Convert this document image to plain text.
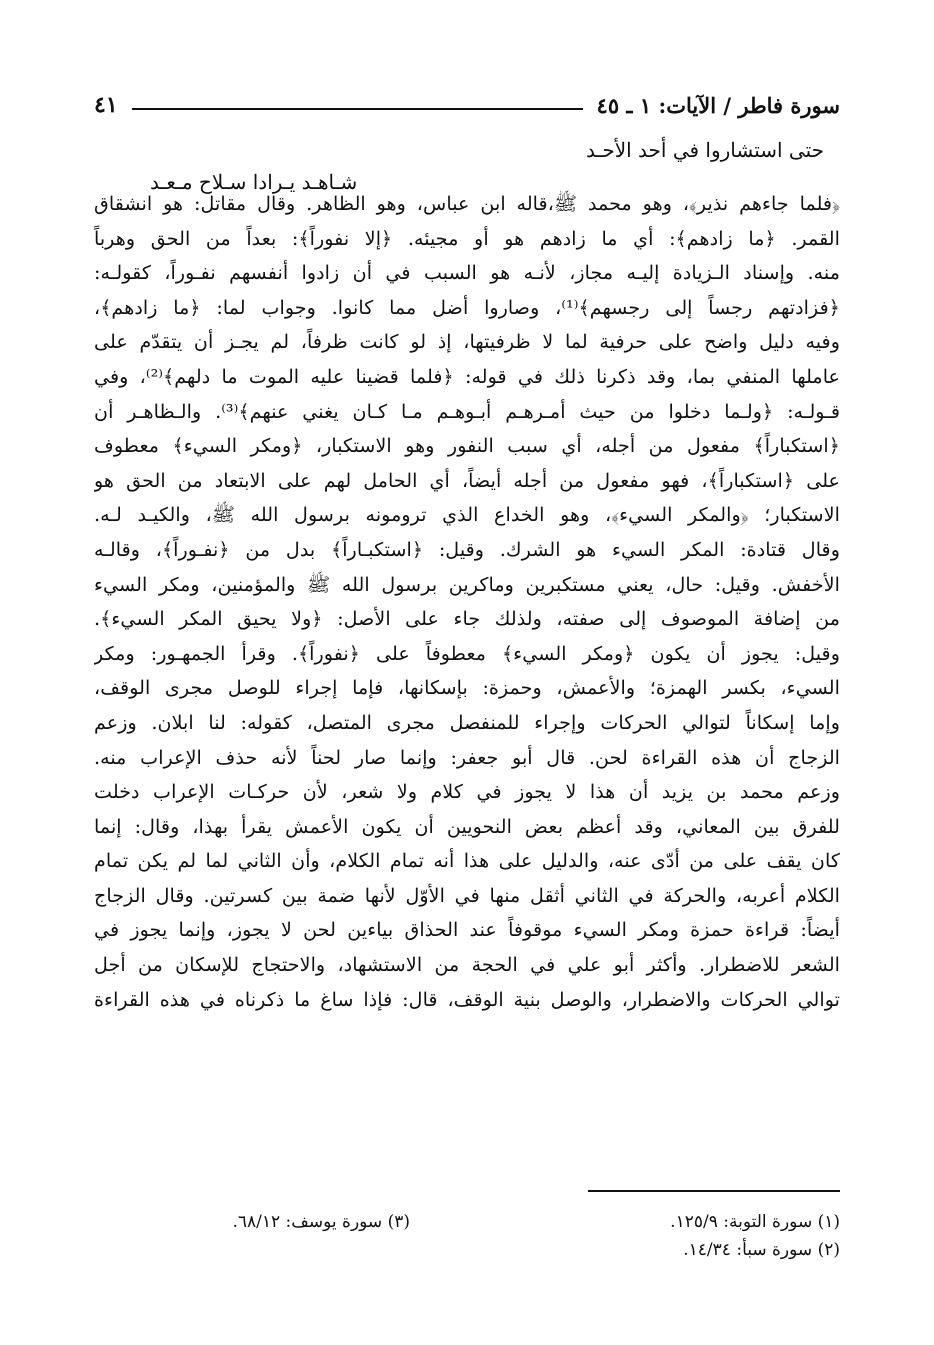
سورة فاطر / الآيات: ١ ـ ٤٥
٤١
حتى استشاروا في أحد الأحـد
شـاهـد يـرادا سـلاح مـعـد
﴿فلما جاءهم نذير﴾، وهو محمد ﷺ،قاله ابن عباس، وهو الظاهر. وقال مقاتل: هو انشقاق
القمر. ﴿ما زادهم﴾: أي ما زادهم هو أو مجيئه. ﴿إلا نفوراً﴾: بعداً من الحق وهرباً
منه. وإسناد الـزيادة إليـه مجاز، لأنـه هو السبب في أن زادوا أنفسهم نفـوراً، كقولـه:
﴿فزادتهم رجساً إلى رجسهم﴾⁽¹⁾، وصاروا أضل مما كانوا. وجواب لما: ﴿ما زادهم﴾،
وفيه دليل واضح على حرفية لما لا ظرفيتها، إذ لو كانت ظرفاً، لم يجـز أن يتقدّم على
عاملها المنفي بما، وقد ذكرنا ذلك في قوله: ﴿فلما قضينا عليه الموت ما دلهم﴾⁽²⁾، وفي
قـولـه: ﴿ولـما دخلوا من حيث أمـرهـم أبـوهـم مـا كـان يغني عنهم﴾⁽³⁾. والـظاهـر أن
﴿استكباراً﴾ مفعول من أجله، أي سبب النفور وهو الاستكبار، ﴿ومكر السيء﴾ معطوف
على ﴿استكباراً﴾، فهو مفعول من أجله أيضاً، أي الحامل لهم على الابتعاد من الحق هو
الاستكبار؛ ﴿والمكر السيء﴾، وهو الخداع الذي ترومونه برسول الله ﷺ، والكيـد لـه.
وقال قتادة: المكر السيء هو الشرك. وقيل: ﴿استكبـاراً﴾ بدل من ﴿نفـوراً﴾، وقالـه
الأخفش. وقيل: حال، يعني مستكبرين وماكرين برسول الله ﷺ والمؤمنين، ومكر السيء
من إضافة الموصوف إلى صفته، ولذلك جاء على الأصل: ﴿ولا يحيق المكر السيء﴾.
وقيل: يجوز أن يكون ﴿ومكر السيء﴾ معطوفاً على ﴿نفوراً﴾. وقرأ الجمهـور: ومكر
السيء، بكسر الهمزة؛ والأعمش، وحمزة: بإسكانها، فإما إجراء للوصل مجرى الوقف،
وإما إسكاناً لتوالي الحركات وإجراء للمنفصل مجرى المتصل، كقوله: لنا ابلان. وزعم
الزجاج أن هذه القراءة لحن. قال أبو جعفر: وإنما صار لحناً لأنه حذف الإعراب منه.
وزعم محمد بن يزيد أن هذا لا يجوز في كلام ولا شعر، لأن حركـات الإعراب دخلت
للفرق بين المعاني، وقد أعظم بعض النحويين أن يكون الأعمش يقرأ بهذا، وقال: إنما
كان يقف على من أدّى عنه، والدليل على هذا أنه تمام الكلام، وأن الثاني لما لم يكن تمام
الكلام أعربه، والحركة في الثاني أثقل منها في الأوّل لأنها ضمة بين كسرتين. وقال الزجاج
أيضاً: قراءة حمزة ومكر السيء موقوفاً عند الحذاق بياءين لحن لا يجوز، وإنما يجوز في
الشعر للاضطرار. وأكثر أبو علي في الحجة من الاستشهاد، والاحتجاج للإسكان من أجل
توالي الحركات والاضطرار، والوصل بنية الوقف، قال: فإذا ساغ ما ذكرناه في هذه القراءة
(١) سورة التوبة: ١٢٥/٩.
(٢) سورة سبأ: ١٤/٣٤.
(٣) سورة يوسف: ٦٨/١٢.
